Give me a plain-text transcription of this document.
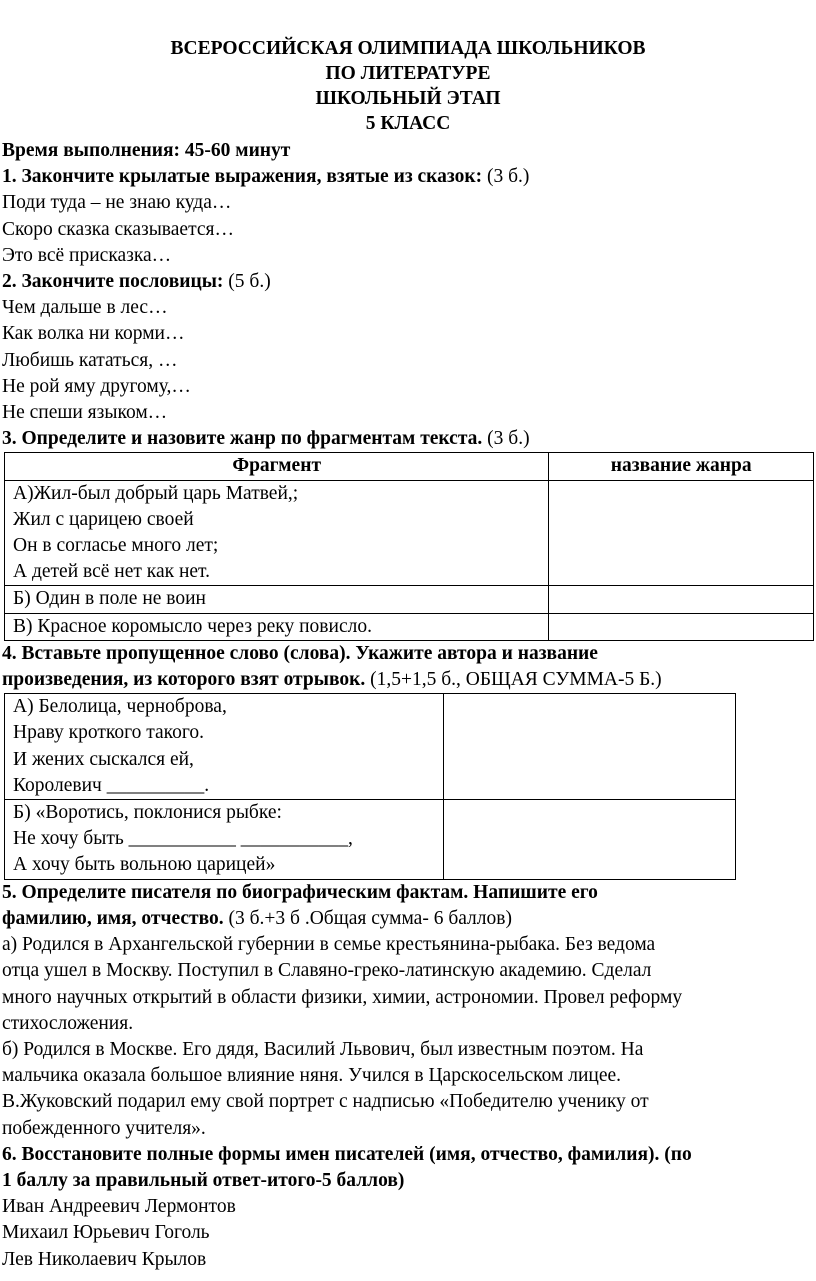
ВСЕРОССИЙСКАЯ ОЛИМПИАДА ШКОЛЬНИКОВ
ПО ЛИТЕРАТУРЕ
ШКОЛЬНЫЙ ЭТАП
5 КЛАСС
Время выполнения: 45-60 минут
1. Закончите крылатые выражения, взятые из сказок: (3 б.)
Поди туда – не знаю куда…
Скоро сказка сказывается…
Это всё присказка…
2. Закончите пословицы: (5 б.)
Чем дальше в лес…
Как волка ни корми…
Любишь кататься, …
Не рой яму другому,…
Не спеши языком…
3. Определите и назовите жанр по фрагментам текста. (3 б.)
Фрагмент	название жанра

А)Жил-был добрый царь Матвей,;
Жил с царицею своей
Он в согласье много лет;
А детей всё нет как нет.	

Б) Один в поле не воин	

В) Красное коромысло через реку повисло.	

4. Вставьте пропущенное слово (слова). Укажите автора и название
произведения, из которого взят отрывок. (1,5+1,5 б., ОБЩАЯ СУММА-5 Б.)
А) Белолица, черноброва,
Нраву кроткого такого.
И жених сыскался ей,
Королевич __________.	

Б) «Воротись, поклонися рыбке:
Не хочу быть ___________ ___________,
А хочу быть вольною царицей»	

5. Определите писателя по биографическим фактам. Напишите его
фамилию, имя, отчество. (3 б.+3 б .Общая сумма- 6 баллов)
а) Родился в Архангельской губернии в семье крестьянина-рыбака. Без ведома
отца ушел в Москву. Поступил в Славяно-греко-латинскую академию. Сделал
много научных открытий в области физики, химии, астрономии. Провел реформу
стихосложения.
б) Родился в Москве. Его дядя, Василий Львович, был известным поэтом. На
мальчика оказала большое влияние няня. Учился в Царскосельском лицее.
В.Жуковский подарил ему свой портрет с надписью «Победителю ученику от
побежденного учителя».
6. Восстановите полные формы имен писателей (имя, отчество, фамилия). (по
1 баллу за правильный ответ-итого-5 баллов)
Иван Андреевич Лермонтов
Михаил Юрьевич Гоголь
Лев Николаевич Крылов
